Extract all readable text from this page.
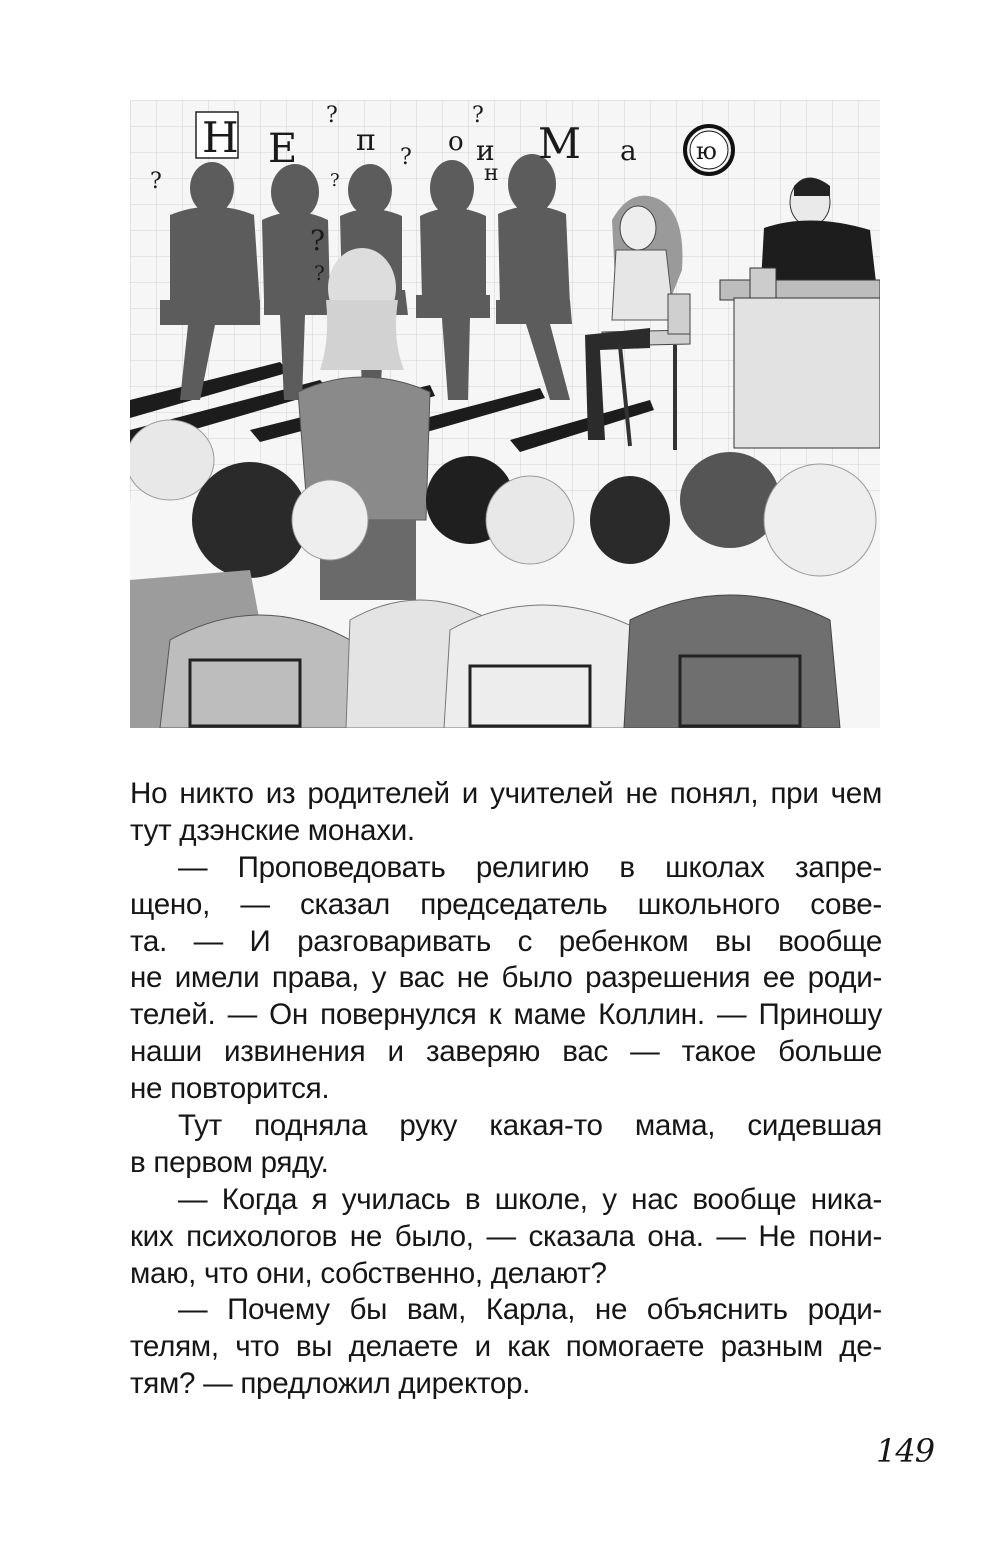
Н Е п	о и
н
М а ю
?
?
?
?
?
?
?
Но никто из родителей и учителей не понял, при чем
тут дзэнские монахи.
— Проповедовать религию в школах запре-
щено, — сказал председатель школьного сове-
та. — И разговаривать с ребенком вы вообще
не имели права, у вас не было разрешения ее роди-
телей. — Он повернулся к маме Коллин. — Приношу
наши извинения и заверяю вас — такое больше
не повторится.
Тут подняла руку какая-то мама, сидевшая
в первом ряду.
— Когда я училась в школе, у нас вообще ника-
ких психологов не было, — сказала она. — Не пони-
маю, что они, собственно, делают?
— Почему бы вам, Карла, не объяснить роди-
телям, что вы делаете и как помогаете разным де-
тям? — предложил директор.
149
